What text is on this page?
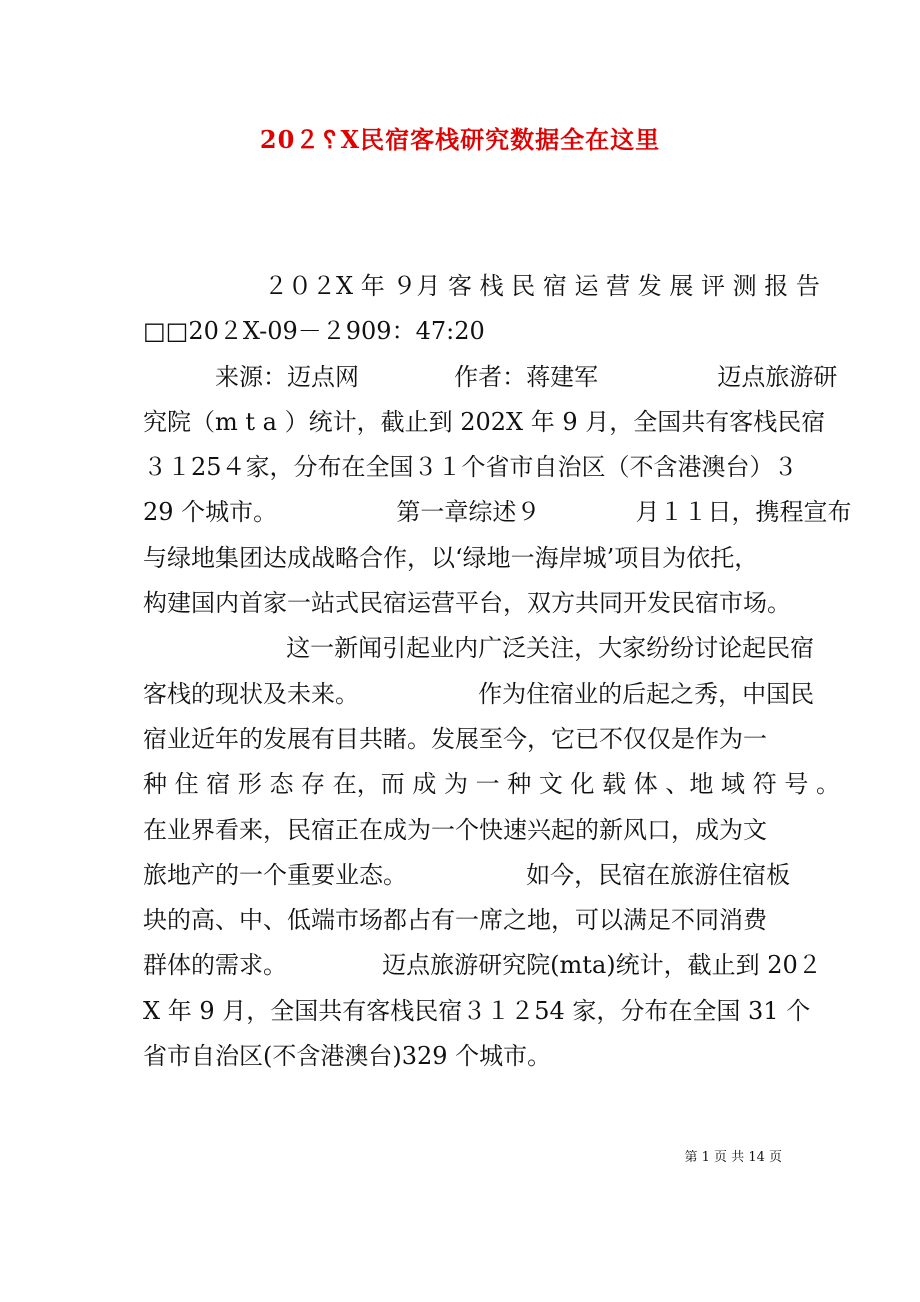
20２␦X民宿客栈研究数据全在这里
２０２X 年 ９月 客 栈 民 宿 运 营 发 展 评 测 报 告﻿ᅟ
□□20２X-09－２909：47:20
来源：迈点网﻿ᅟ　　　作者：蒋建军﻿ᅟ　　　　迈点旅游研
究院（m t a ）统计，截止到 202X 年 9 月，全国共有客栈民宿
３１25４家，分布在全国３１个省市自治区（不含港澳台）３
29 个城市。ᅟ　　　　第一章综述９　　　ᅟ月１１日，携程宣布
与绿地集团达成战略合作，以‘绿地一海岸城’项目为依托，
构建国内首家一站式民宿运营平台，双方共同开发民宿市场。
ᅟ　　　　　这一新闻引起业内广泛关注，大家纷纷讨论起民宿
客栈的现状及未来。ᅟ　　　　作为住宿业的后起之秀，中国民
宿业近年的发展有目共睹。发展至今，它已不仅仅是作为一
种 住 宿 形 态 存 在，而 成 为 一 种 文 化 载 体 、地 域 符 号 。ᅟ
在业界看来，民宿正在成为一个快速兴起的新风口，成为文
旅地产的一个重要业态。ᅟ　　　　如今，民宿在旅游住宿板
块的高、中、低端市场都占有一席之地，可以满足不同消费
群体的需求。ᅟ　　　迈点旅游研究院(mta)统计，截止到 20２
X 年 9 月，全国共有客栈民宿３１２54 家，分布在全国 31 个
省市自治区(不含港澳台)329 个城市。
第 1 页 共 14 页
